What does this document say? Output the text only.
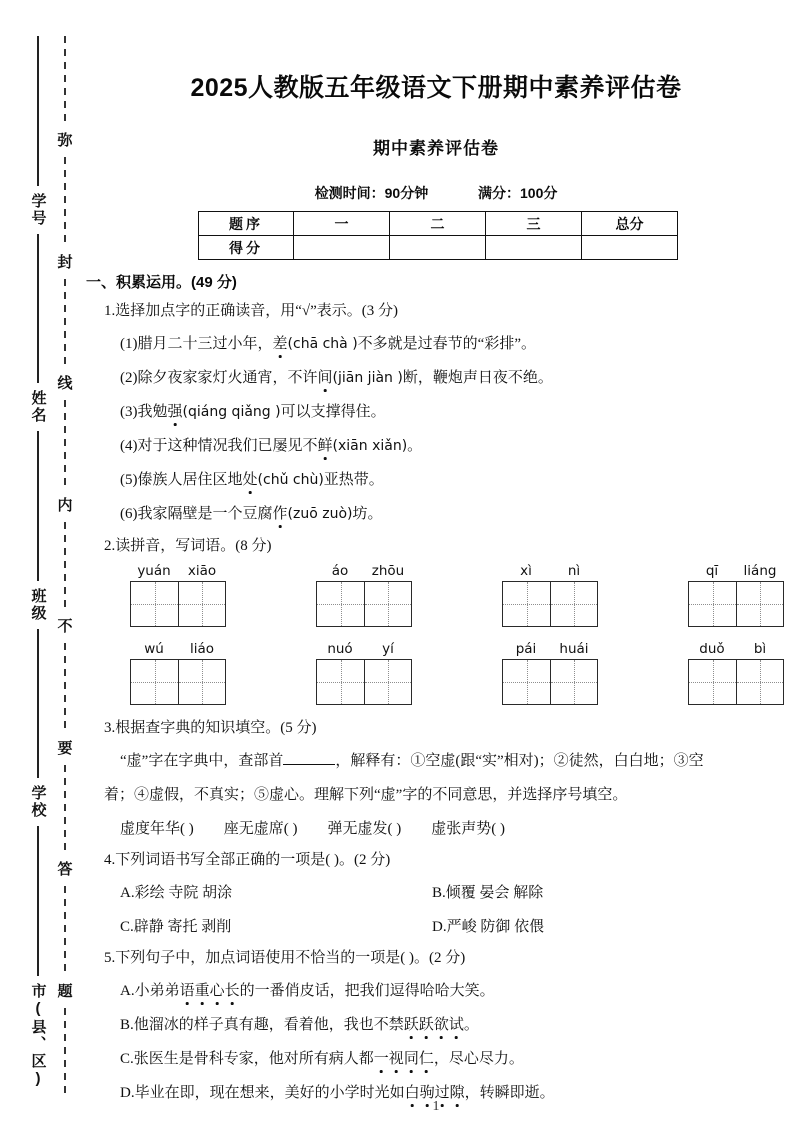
学号
姓名
班级
学校
市(县、区)
弥
封
线
内
不
要
答
题
2025人教版五年级语文下册期中素养评估卷
期中素养评估卷
检测时间：90分钟	满分：100分
题序	一	二	三	总分
得分				
一、积累运用。(49 分)
1.选择加点字的正确读音，用“√”表示。(3 分)
(1)腊月二十三过小年，差(chā chà )不多就是过春节的“彩排”。
(2)除夕夜家家灯火通宵，不许间(jiān jiàn )断，鞭炮声日夜不绝。
(3)我勉强(qiáng qiǎng )可以支撑得住。
(4)对于这种情况我们已屡见不鲜(xiān xiǎn)。
(5)傣族人居住区地处(chǔ chù)亚热带。
(6)我家隔壁是一个豆腐作(zuō zuò)坊。
2.读拼音，写词语。(8 分)
yuán	xiāo	áo	zhōu	xì	nì	qī	liáng
wú	liáo	nuó	yí	pái	huái	duǒ	bì
3.根据查字典的知识填空。(5 分)
“虚”字在字典中，查部首	，解释有：①空虚(跟“实”相对)；②徒然，白白地；③空
着；④虚假，不真实；⑤虚心。理解下列“虚”字的不同意思，并选择序号填空。
虚度年华( ) 座无虚席( ) 弹无虚发( ) 虚张声势( )
4.下列词语书写全部正确的一项是( )。(2 分)
A.彩绘 寺院 胡涂	B.倾覆 晏会 解除
C.辟静 寄托 剥削	D.严峻 防御 依偎
5.下列句子中，加点词语使用不恰当的一项是( )。(2 分)
A.小弟弟语重心长的一番俏皮话，把我们逗得哈哈大笑。
B.他溜冰的样子真有趣，看着他，我也不禁跃跃欲试。
C.张医生是骨科专家，他对所有病人都一视同仁，尽心尽力。
D.毕业在即，现在想来，美好的小学时光如白驹过隙，转瞬即逝。
1
